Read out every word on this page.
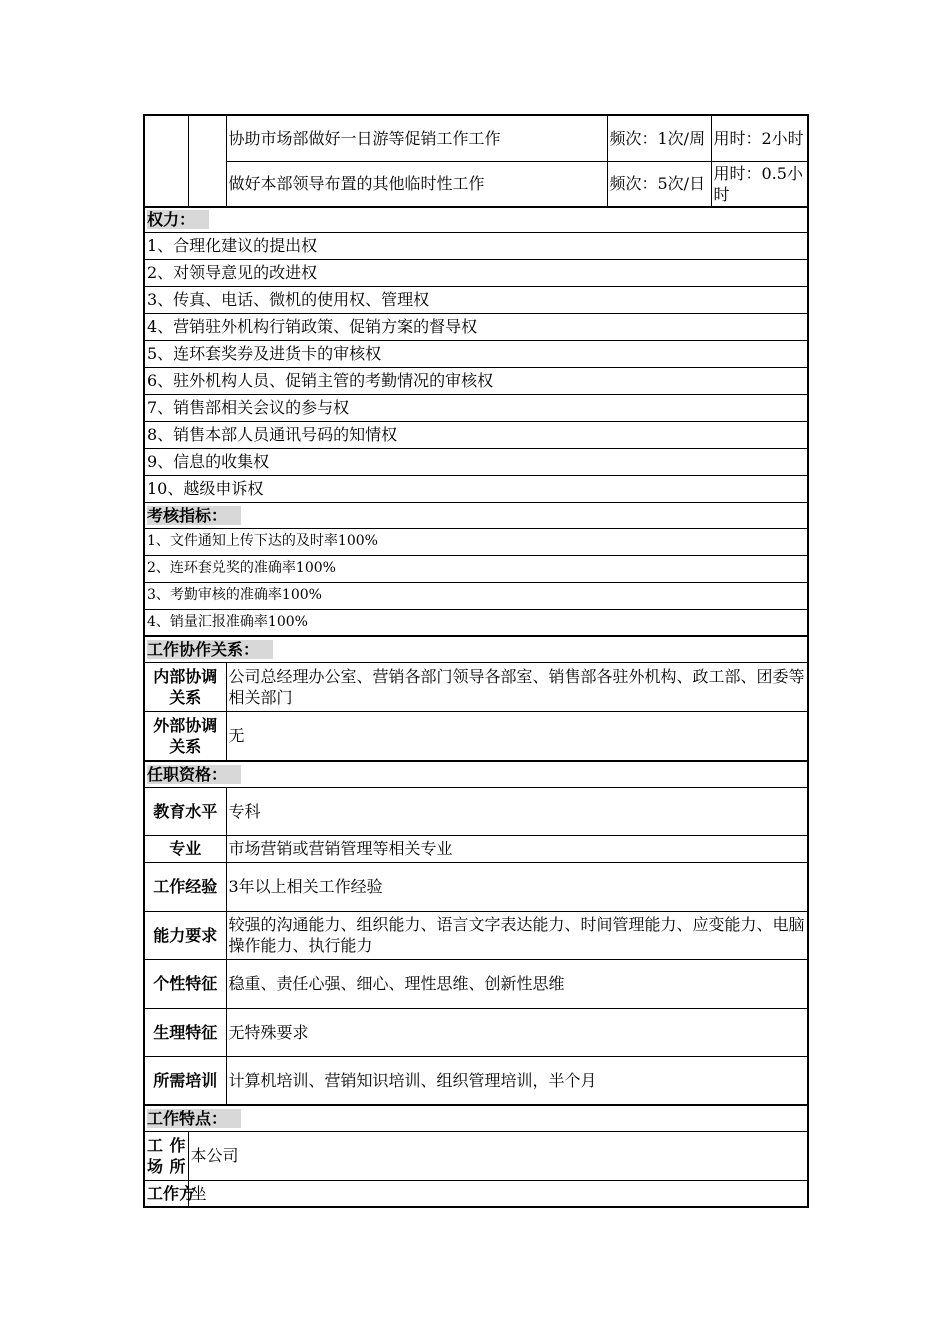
		协助市场部做好一日游等促销工作工作	频次：1次/周	用时：2小时
		做好本部领导布置的其他临时性工作	频次：5次/日	用时：0.5小时
权力：				
1、合理化建议的提出权				
2、对领导意见的改进权				
3、传真、电话、微机的使用权、管理权				
4、营销驻外机构行销政策、促销方案的督导权				
5、连环套奖券及进货卡的审核权				
6、驻外机构人员、促销主管的考勤情况的审核权				
7、销售部相关会议的参与权				
8、销售本部人员通讯号码的知情权				
9、信息的收集权				
10、越级申诉权				
考核指标：				
1、文件通知上传下达的及时率100%				
2、连环套兑奖的准确率100%				
3、考勤审核的准确率100%				
4、销量汇报准确率100%				
工作协作关系：				
内部协调关系		公司总经理办公室、营销各部门领导各部室、销售部各驻外机构、政工部、团委等相关部门		
外部协调关系		无		
任职资格：				
教育水平		专科		
专业		市场营销或营销管理等相关专业		
工作经验		3年以上相关工作经验		
能力要求		较强的沟通能力、组织能力、语言文字表达能力、时间管理能力、应变能力、电脑操作能力、执行能力		
个性特征		稳重、责任心强、细心、理性思维、创新性思维		
生理特征		无特殊要求		
所需培训		计算机培训、营销知识培训、组织管理培训，半个月		
工作特点：				
工作场所	本公司			
工作方	坐			
